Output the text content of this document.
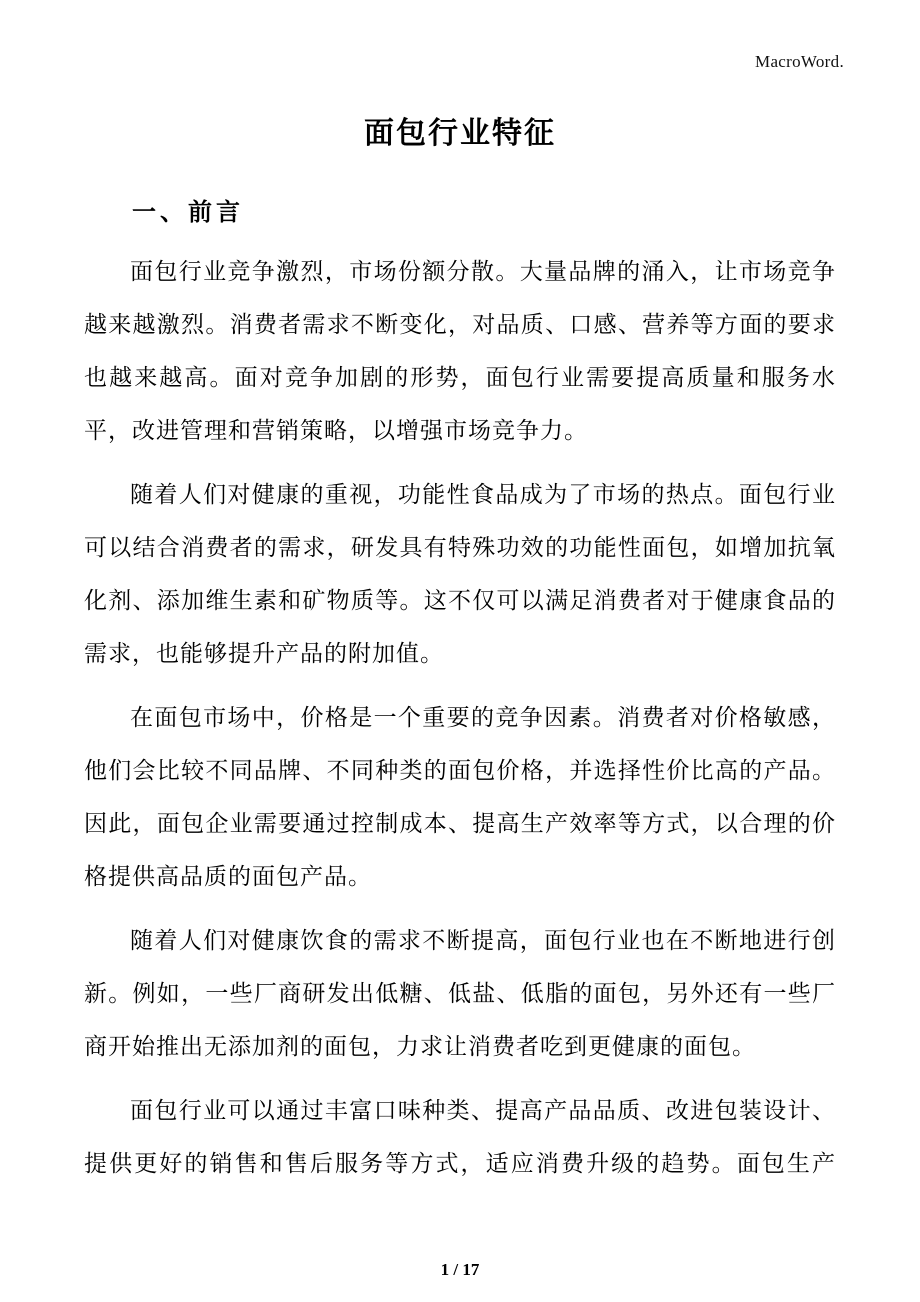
MacroWord.
面包行业特征
一、前言

面包行业竞争激烈，市场份额分散。大量品牌的涌入，让市场竞争越来越激烈。消费者需求不断变化，对品质、口感、营养等方面的要求也越来越高。面对竞争加剧的形势，面包行业需要提高质量和服务水平，改进管理和营销策略，以增强市场竞争力。

随着人们对健康的重视，功能性食品成为了市场的热点。面包行业可以结合消费者的需求，研发具有特殊功效的功能性面包，如增加抗氧化剂、添加维生素和矿物质等。这不仅可以满足消费者对于健康食品的需求，也能够提升产品的附加值。

在面包市场中，价格是一个重要的竞争因素。消费者对价格敏感，他们会比较不同品牌、不同种类的面包价格，并选择性价比高的产品。因此，面包企业需要通过控制成本、提高生产效率等方式，以合理的价格提供高品质的面包产品。

随着人们对健康饮食的需求不断提高，面包行业也在不断地进行创新。例如，一些厂商研发出低糖、低盐、低脂的面包，另外还有一些厂商开始推出无添加剂的面包，力求让消费者吃到更健康的面包。

面包行业可以通过丰富口味种类、提高产品品质、改进包装设计、提供更好的销售和售后服务等方式，适应消费升级的趋势。面包生产

1 / 17
